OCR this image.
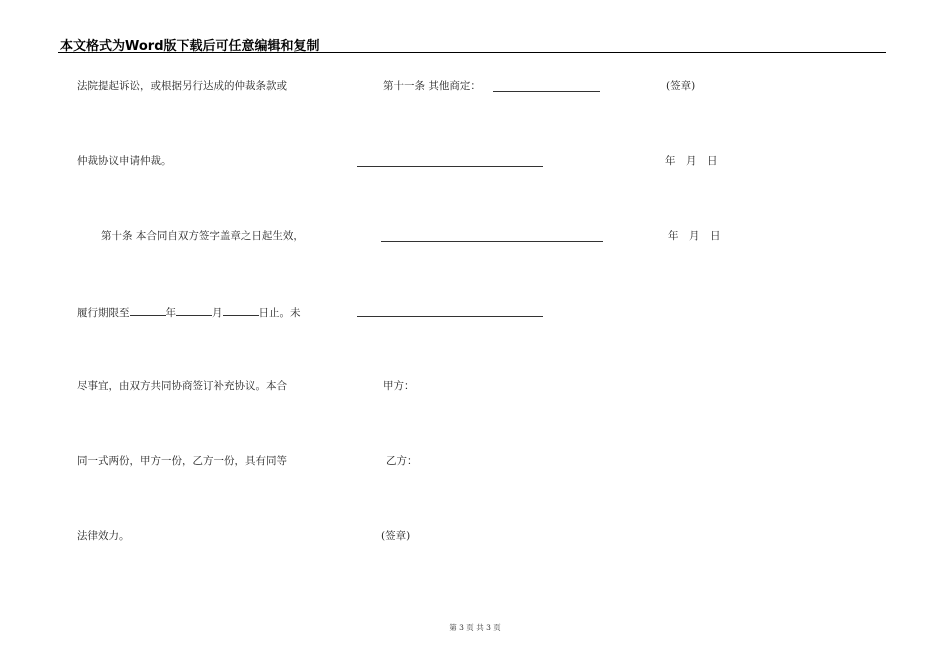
本文格式为Word版下载后可任意编辑和复制
法院提起诉讼，或根据另行达成的仲裁条款或
仲裁协议申请仲裁。
第十条 本合同自双方签字盖章之日起生效，
履行期限至	年	月	日止。未
尽事宜，由双方共同协商签订补充协议。本合
同一式两份，甲方一份，乙方一份，具有同等
法律效力。
第十一条 其他商定：
甲方：
乙方：
(签章)
(签章)
年　月　日
年　月　日
第 3 页 共 3 页
